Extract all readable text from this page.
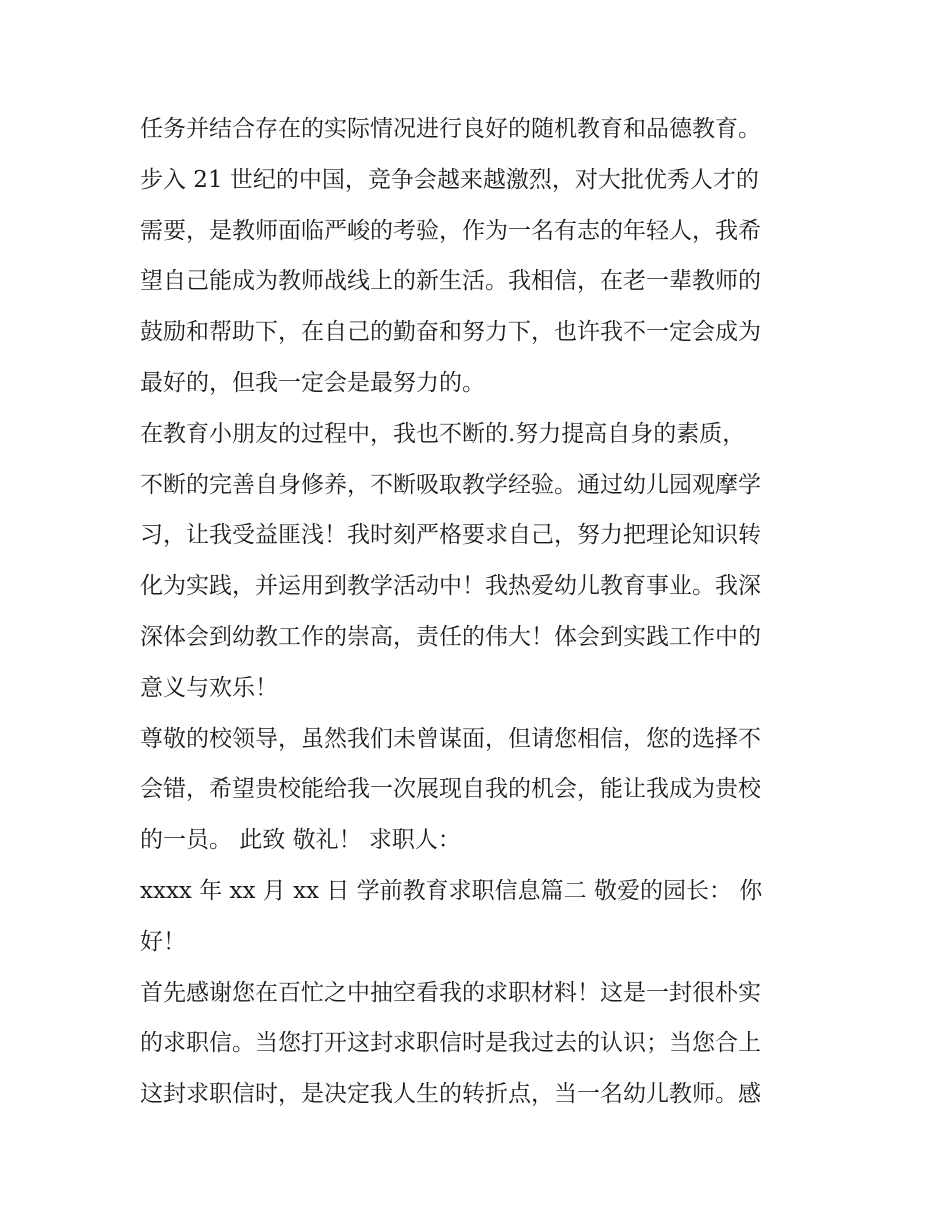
任务并结合存在的实际情况进行良好的随机教育和品德教育。
步入 21 世纪的中国，竞争会越来越激烈，对大批优秀人才的
需要，是教师面临严峻的考验，作为一名有志的年轻人，我希
望自己能成为教师战线上的新生活。我相信，在老一辈教师的
鼓励和帮助下，在自己的勤奋和努力下，也许我不一定会成为
最好的，但我一定会是最努力的。
在教育小朋友的过程中，我也不断的.努力提高自身的素质，
不断的完善自身修养，不断吸取教学经验。通过幼儿园观摩学
习，让我受益匪浅！我时刻严格要求自己，努力把理论知识转
化为实践，并运用到教学活动中！我热爱幼儿教育事业。我深
深体会到幼教工作的崇高，责任的伟大！体会到实践工作中的
意义与欢乐！
尊敬的校领导，虽然我们未曾谋面，但请您相信，您的选择不
会错，希望贵校能给我一次展现自我的机会，能让我成为贵校
的一员。 此致 敬礼！ 求职人：
xxxx 年 xx 月 xx 日 学前教育求职信息篇二 敬爱的园长： 你
好！
首先感谢您在百忙之中抽空看我的求职材料！这是一封很朴实
的求职信。当您打开这封求职信时是我过去的认识；当您合上
这封求职信时，是决定我人生的转折点，当一名幼儿教师。感
